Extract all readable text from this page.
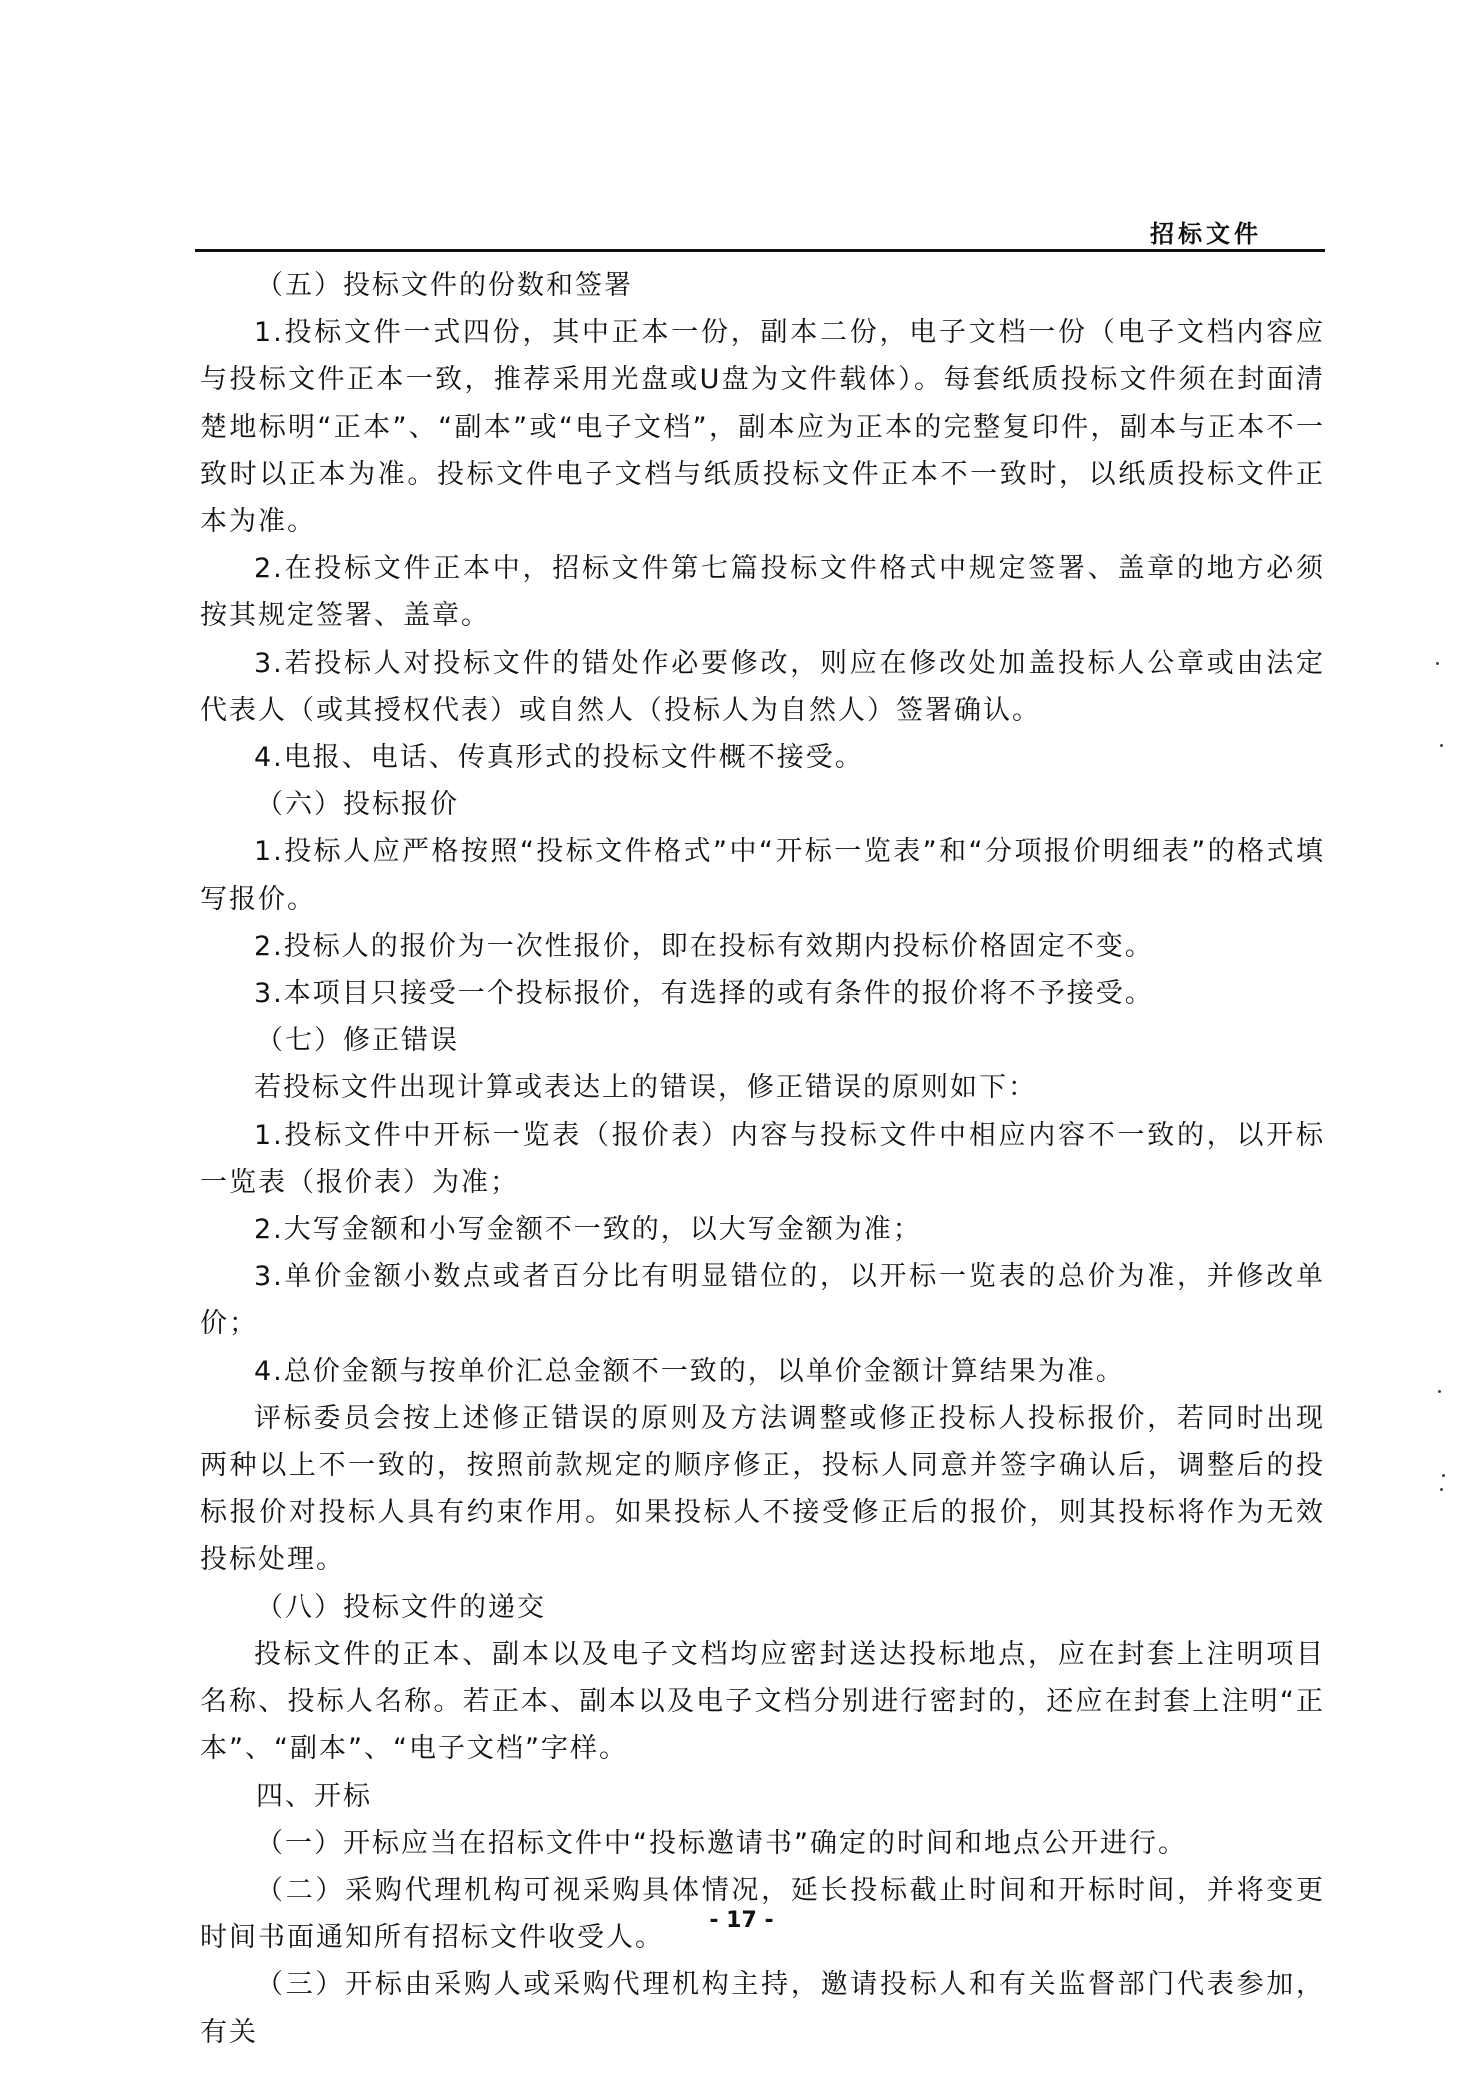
招标文件

（五）投标文件的份数和签署

1.投标文件一式四份，其中正本一份，副本二份，电子文档一份（电子文档内容应与投标文件正本一致，推荐采用光盘或U盘为文件载体）。每套纸质投标文件须在封面清楚地标明“正本”、“副本”或“电子文档”，副本应为正本的完整复印件，副本与正本不一致时以正本为准。投标文件电子文档与纸质投标文件正本不一致时，以纸质投标文件正本为准。

2.在投标文件正本中，招标文件第七篇投标文件格式中规定签署、盖章的地方必须按其规定签署、盖章。

3.若投标人对投标文件的错处作必要修改，则应在修改处加盖投标人公章或由法定代表人（或其授权代表）或自然人（投标人为自然人）签署确认。

4.电报、电话、传真形式的投标文件概不接受。

（六）投标报价

1.投标人应严格按照“投标文件格式”中“开标一览表”和“分项报价明细表”的格式填写报价。

2.投标人的报价为一次性报价，即在投标有效期内投标价格固定不变。

3.本项目只接受一个投标报价，有选择的或有条件的报价将不予接受。

（七）修正错误

若投标文件出现计算或表达上的错误，修正错误的原则如下：

1.投标文件中开标一览表（报价表）内容与投标文件中相应内容不一致的，以开标一览表（报价表）为准；

2.大写金额和小写金额不一致的，以大写金额为准；

3.单价金额小数点或者百分比有明显错位的，以开标一览表的总价为准，并修改单价；

4.总价金额与按单价汇总金额不一致的，以单价金额计算结果为准。

评标委员会按上述修正错误的原则及方法调整或修正投标人投标报价，若同时出现两种以上不一致的，按照前款规定的顺序修正，投标人同意并签字确认后，调整后的投标报价对投标人具有约束作用。如果投标人不接受修正后的报价，则其投标将作为无效投标处理。

（八）投标文件的递交

投标文件的正本、副本以及电子文档均应密封送达投标地点，应在封套上注明项目名称、投标人名称。若正本、副本以及电子文档分别进行密封的，还应在封套上注明“正本”、“副本”、“电子文档”字样。

四、开标

（一）开标应当在招标文件中“投标邀请书”确定的时间和地点公开进行。

（二）采购代理机构可视采购具体情况，延长投标截止时间和开标时间，并将变更时间书面通知所有招标文件收受人。

（三）开标由采购人或采购代理机构主持，邀请投标人和有关监督部门代表参加，有关

- 17 -
